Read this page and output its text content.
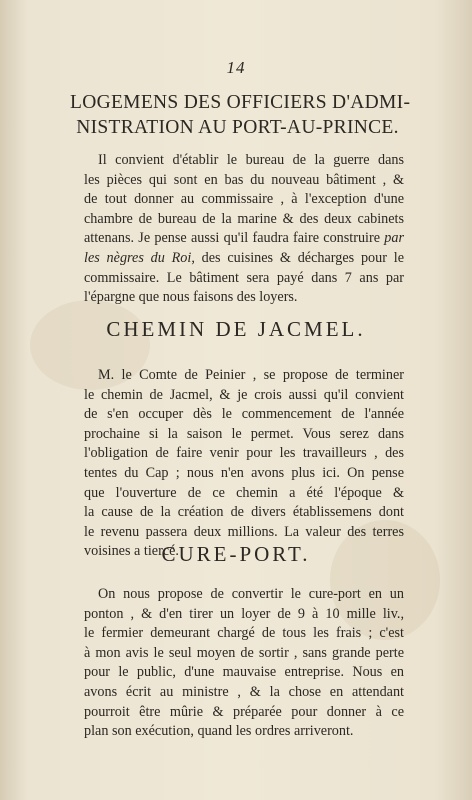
14
LOGEMENS DES OFFICIERS D'ADMI-
NISTRATION AU PORT-AU-PRINCE.

Il convient d'établir le bureau de la guerre dans
les pièces qui sont en bas du nouveau bâtiment , &
de tout donner au commissaire , à l'exception d'une
chambre de bureau de la marine & des deux cabinets
attenans. Je pense aussi qu'il faudra faire construire par
les nègres du Roi, des cuisines & décharges pour le
commissaire. Le bâtiment sera payé dans 7 ans par
l'épargne que nous faisons des loyers.

CHEMIN DE JACMEL.

M. le Comte de Peinier , se propose de terminer
le chemin de Jacmel, & je crois aussi qu'il convient
de s'en occuper dès le commencement de l'année
prochaine si la saison le permet. Vous serez dans
l'obligation de faire venir pour les travailleurs , des
tentes du Cap ; nous n'en avons plus ici. On pense
que l'ouverture de ce chemin a été l'époque &
la cause de la création de divers établissemens dont
le revenu passera deux millions. La valeur des terres
voisines a tiercé.

CURE-PORT.

On nous propose de convertir le cure-port en un
ponton , & d'en tirer un loyer de 9 à 10 mille liv.,
le fermier demeurant chargé de tous les frais ; c'est
à mon avis le seul moyen de sortir , sans grande perte
pour le public, d'une mauvaise entreprise. Nous en
avons écrit au ministre , & la chose en attendant
pourroit être mûrie & préparée pour donner à ce
plan son exécution, quand les ordres arriveront.
